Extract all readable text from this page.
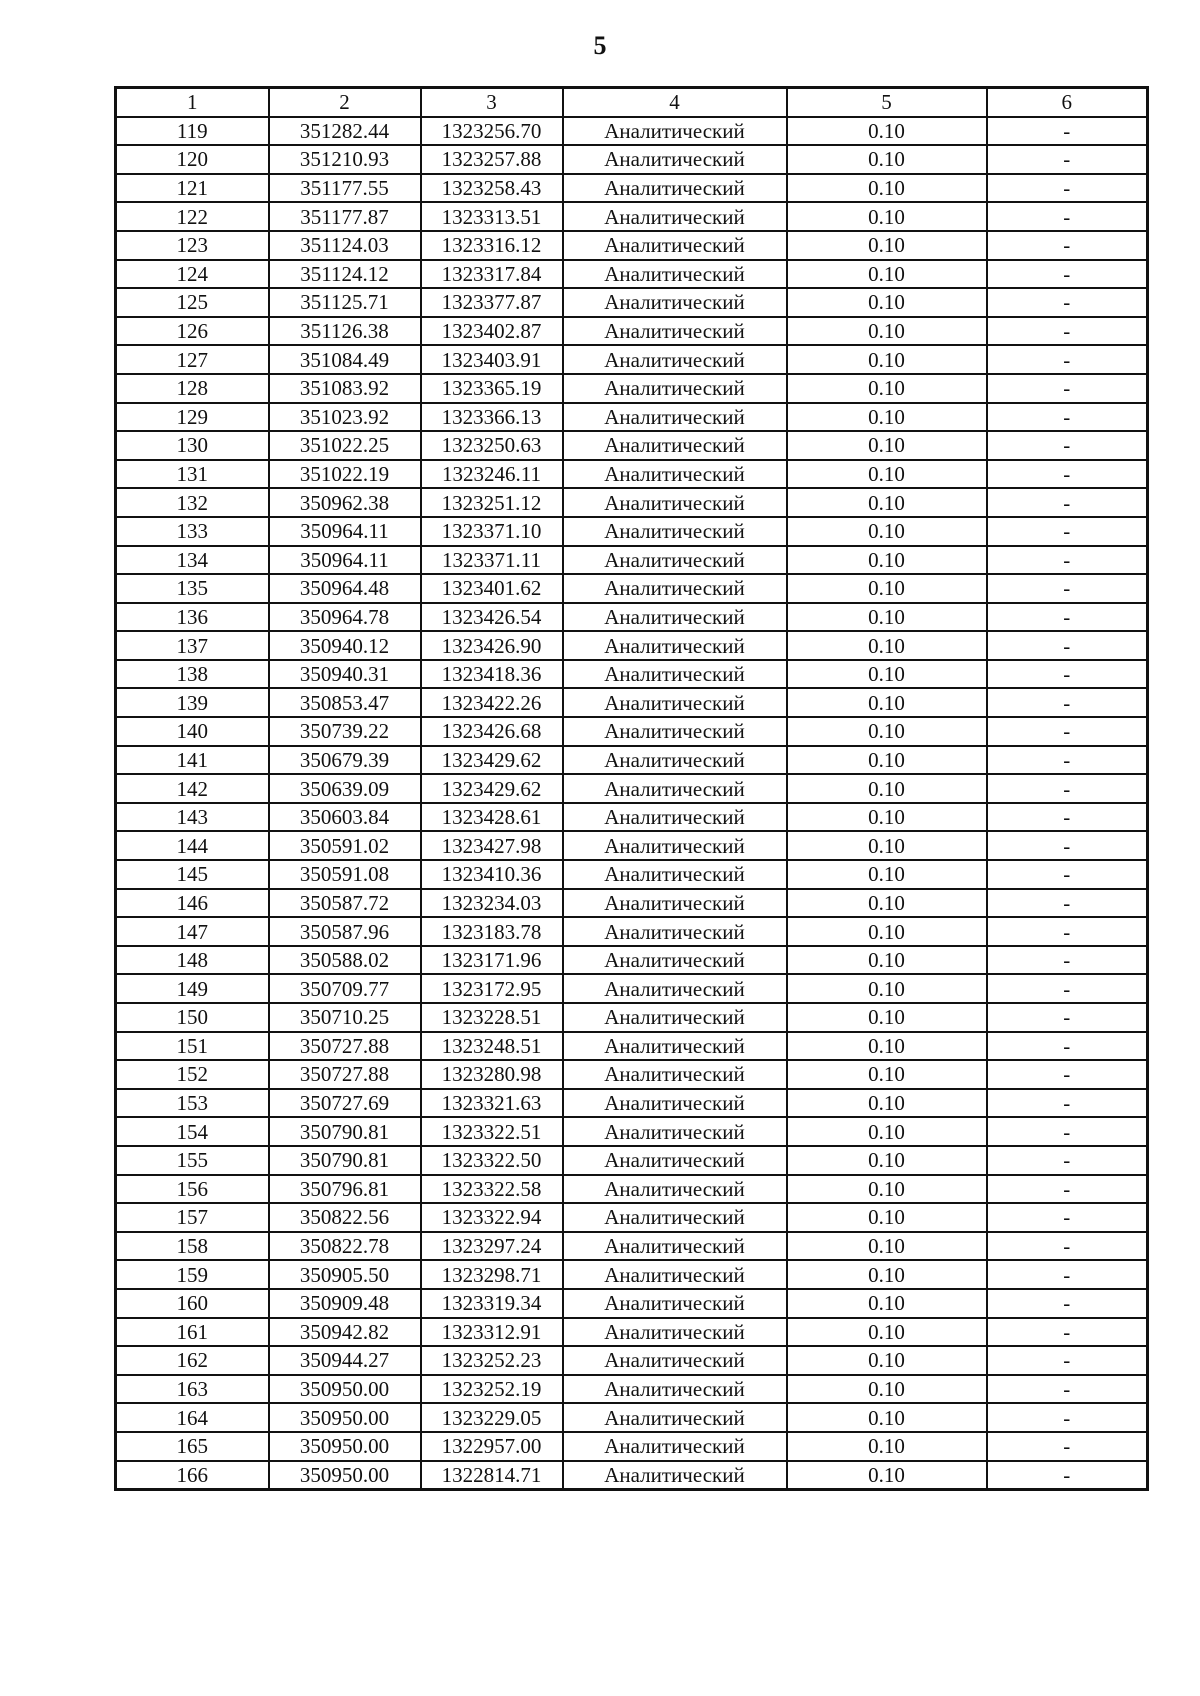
5
1	2	3	4	5	6
119	351282.44	1323256.70	Аналитический	0.10	-
120	351210.93	1323257.88	Аналитический	0.10	-
121	351177.55	1323258.43	Аналитический	0.10	-
122	351177.87	1323313.51	Аналитический	0.10	-
123	351124.03	1323316.12	Аналитический	0.10	-
124	351124.12	1323317.84	Аналитический	0.10	-
125	351125.71	1323377.87	Аналитический	0.10	-
126	351126.38	1323402.87	Аналитический	0.10	-
127	351084.49	1323403.91	Аналитический	0.10	-
128	351083.92	1323365.19	Аналитический	0.10	-
129	351023.92	1323366.13	Аналитический	0.10	-
130	351022.25	1323250.63	Аналитический	0.10	-
131	351022.19	1323246.11	Аналитический	0.10	-
132	350962.38	1323251.12	Аналитический	0.10	-
133	350964.11	1323371.10	Аналитический	0.10	-
134	350964.11	1323371.11	Аналитический	0.10	-
135	350964.48	1323401.62	Аналитический	0.10	-
136	350964.78	1323426.54	Аналитический	0.10	-
137	350940.12	1323426.90	Аналитический	0.10	-
138	350940.31	1323418.36	Аналитический	0.10	-
139	350853.47	1323422.26	Аналитический	0.10	-
140	350739.22	1323426.68	Аналитический	0.10	-
141	350679.39	1323429.62	Аналитический	0.10	-
142	350639.09	1323429.62	Аналитический	0.10	-
143	350603.84	1323428.61	Аналитический	0.10	-
144	350591.02	1323427.98	Аналитический	0.10	-
145	350591.08	1323410.36	Аналитический	0.10	-
146	350587.72	1323234.03	Аналитический	0.10	-
147	350587.96	1323183.78	Аналитический	0.10	-
148	350588.02	1323171.96	Аналитический	0.10	-
149	350709.77	1323172.95	Аналитический	0.10	-
150	350710.25	1323228.51	Аналитический	0.10	-
151	350727.88	1323248.51	Аналитический	0.10	-
152	350727.88	1323280.98	Аналитический	0.10	-
153	350727.69	1323321.63	Аналитический	0.10	-
154	350790.81	1323322.51	Аналитический	0.10	-
155	350790.81	1323322.50	Аналитический	0.10	-
156	350796.81	1323322.58	Аналитический	0.10	-
157	350822.56	1323322.94	Аналитический	0.10	-
158	350822.78	1323297.24	Аналитический	0.10	-
159	350905.50	1323298.71	Аналитический	0.10	-
160	350909.48	1323319.34	Аналитический	0.10	-
161	350942.82	1323312.91	Аналитический	0.10	-
162	350944.27	1323252.23	Аналитический	0.10	-
163	350950.00	1323252.19	Аналитический	0.10	-
164	350950.00	1323229.05	Аналитический	0.10	-
165	350950.00	1322957.00	Аналитический	0.10	-
166	350950.00	1322814.71	Аналитический	0.10	-
